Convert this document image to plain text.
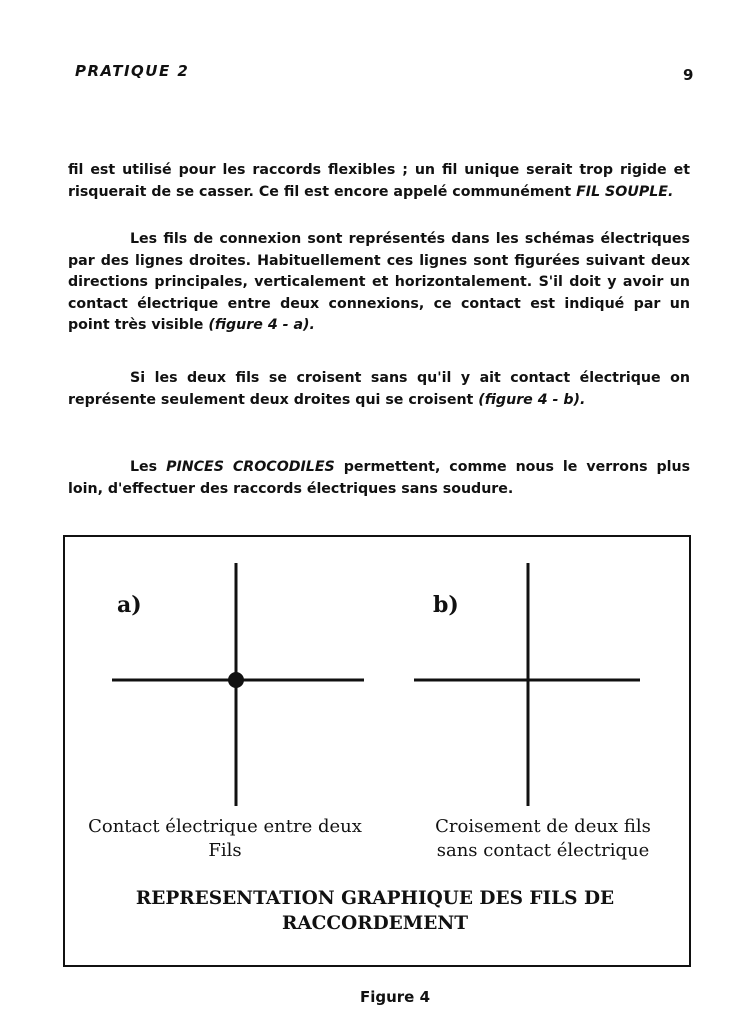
PRATIQUE 2	9
fil est utilisé pour les raccords flexibles ; un fil unique serait trop rigide et risquerait de se casser. Ce fil est encore appelé communément FIL SOUPLE.
Les fils de connexion sont représentés dans les schémas électriques par des lignes droites. Habituellement ces lignes sont figurées suivant deux directions principales, verticalement et horizontalement. S'il doit y avoir un contact électrique entre deux connexions, ce contact est indiqué par un point très visible (figure 4 - a).
Si les deux fils se croisent sans qu'il y ait contact électrique on représente seulement deux droites qui se croisent (figure 4 - b).
Les PINCES CROCODILES permettent, comme nous le verrons plus loin, d'effectuer des raccords électriques sans soudure.
a)	b)
Contact électrique entre deux
Fils
Croisement de deux fils
sans contact électrique
REPRESENTATION GRAPHIQUE DES FILS DE
RACCORDEMENT
Figure 4
